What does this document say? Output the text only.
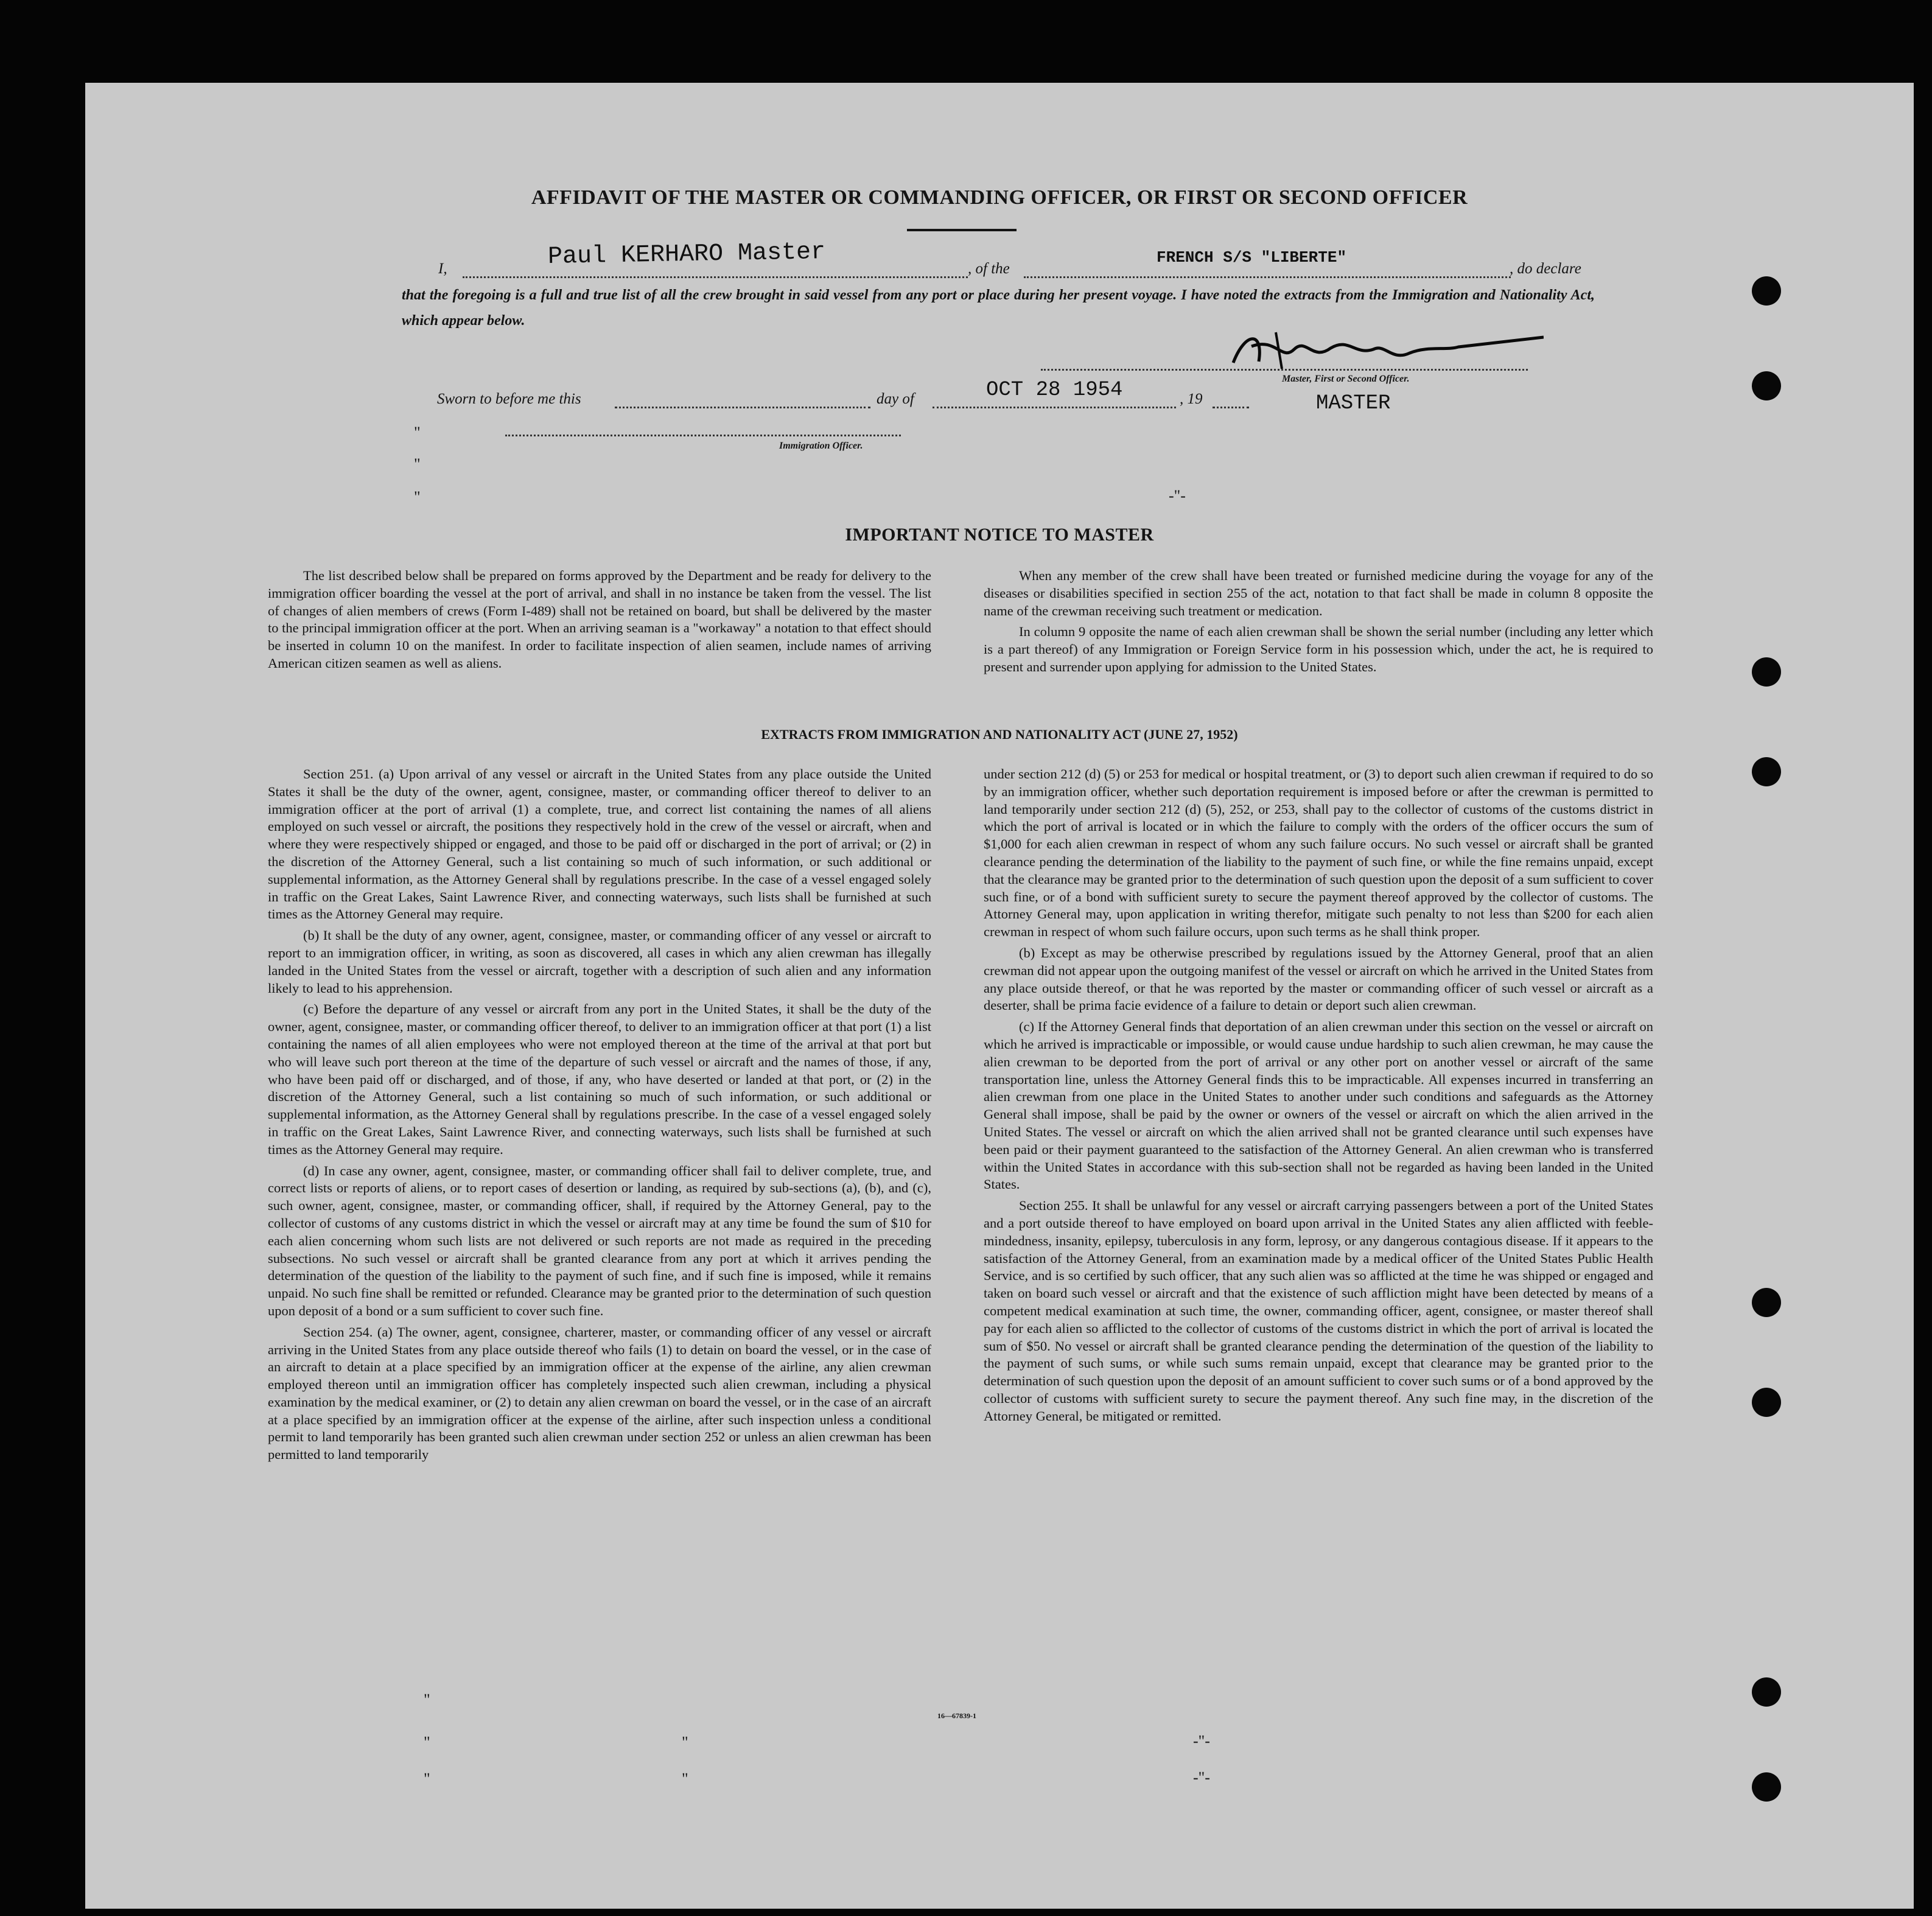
AFFIDAVIT OF THE MASTER OR COMMANDING OFFICER, OR FIRST OR SECOND OFFICER
I,	Paul KERHARO Master	, of the
FRENCH S/S "LIBERTE"
, do declare
that the foregoing is a full and true list of all the crew brought in said vessel from any port or place during her present voyage. I have noted the extracts from the Immigration and Nationality Act, which appear below.
Master, First or Second Officer.
MASTER
Sworn to before me this	day of	OCT 28 1954	, 19
"
Immigration Officer.
"
"	-"-
IMPORTANT NOTICE TO MASTER

The list described below shall be prepared on forms approved by the Department and be ready for delivery to the immigration officer boarding the vessel at the port of arrival, and shall in no instance be taken from the vessel. The list of changes of alien members of crews (Form I-489) shall not be retained on board, but shall be delivered by the master to the principal immigration officer at the port. When an arriving seaman is a "workaway" a notation to that effect should be inserted in column 10 on the manifest. In order to facilitate inspection of alien seamen, include names of arriving American citizen seamen as well as aliens.

When any member of the crew shall have been treated or furnished medicine during the voyage for any of the diseases or disabilities specified in section 255 of the act, notation to that fact shall be made in column 8 opposite the name of the crewman receiving such treatment or medication.

In column 9 opposite the name of each alien crewman shall be shown the serial number (including any letter which is a part thereof) of any Immigration or Foreign Service form in his possession which, under the act, he is required to present and surrender upon applying for admission to the United States.

EXTRACTS FROM IMMIGRATION AND NATIONALITY ACT (JUNE 27, 1952)

Section 251. (a) Upon arrival of any vessel or aircraft in the United States from any place outside the United States it shall be the duty of the owner, agent, consignee, master, or commanding officer thereof to deliver to an immigration officer at the port of arrival (1) a complete, true, and correct list containing the names of all aliens employed on such vessel or aircraft, the positions they respectively hold in the crew of the vessel or aircraft, when and where they were respectively shipped or engaged, and those to be paid off or discharged in the port of arrival; or (2) in the discretion of the Attorney General, such a list containing so much of such information, or such additional or supplemental information, as the Attorney General shall by regulations prescribe. In the case of a vessel engaged solely in traffic on the Great Lakes, Saint Lawrence River, and connecting waterways, such lists shall be furnished at such times as the Attorney General may require.

(b) It shall be the duty of any owner, agent, consignee, master, or commanding officer of any vessel or aircraft to report to an immigration officer, in writing, as soon as discovered, all cases in which any alien crewman has illegally landed in the United States from the vessel or aircraft, together with a description of such alien and any information likely to lead to his apprehension.

(c) Before the departure of any vessel or aircraft from any port in the United States, it shall be the duty of the owner, agent, consignee, master, or commanding officer thereof, to deliver to an immigration officer at that port (1) a list containing the names of all alien employees who were not employed thereon at the time of the arrival at that port but who will leave such port thereon at the time of the departure of such vessel or aircraft and the names of those, if any, who have been paid off or discharged, and of those, if any, who have deserted or landed at that port, or (2) in the discretion of the Attorney General, such a list containing so much of such information, or such additional or supplemental information, as the Attorney General shall by regulations prescribe. In the case of a vessel engaged solely in traffic on the Great Lakes, Saint Lawrence River, and connecting waterways, such lists shall be furnished at such times as the Attorney General may require.

(d) In case any owner, agent, consignee, master, or commanding officer shall fail to deliver complete, true, and correct lists or reports of aliens, or to report cases of desertion or landing, as required by sub-sections (a), (b), and (c), such owner, agent, consignee, master, or commanding officer, shall, if required by the Attorney General, pay to the collector of customs of any customs district in which the vessel or aircraft may at any time be found the sum of $10 for each alien concerning whom such lists are not delivered or such reports are not made as required in the preceding subsections. No such vessel or aircraft shall be granted clearance from any port at which it arrives pending the determination of the question of the liability to the payment of such fine, and if such fine is imposed, while it remains unpaid. No such fine shall be remitted or refunded. Clearance may be granted prior to the determination of such question upon deposit of a bond or a sum sufficient to cover such fine.

Section 254. (a) The owner, agent, consignee, charterer, master, or commanding officer of any vessel or aircraft arriving in the United States from any place outside thereof who fails (1) to detain on board the vessel, or in the case of an aircraft to detain at a place specified by an immigration officer at the expense of the airline, any alien crewman employed thereon until an immigration officer has completely inspected such alien crewman, including a physical examination by the medical examiner, or (2) to detain any alien crewman on board the vessel, or in the case of an aircraft at a place specified by an immigration officer at the expense of the airline, after such inspection unless a conditional permit to land temporarily has been granted such alien crewman under section 252 or unless an alien crewman has been permitted to land temporarily

under section 212 (d) (5) or 253 for medical or hospital treatment, or (3) to deport such alien crewman if required to do so by an immigration officer, whether such deportation requirement is imposed before or after the crewman is permitted to land temporarily under section 212 (d) (5), 252, or 253, shall pay to the collector of customs of the customs district in which the port of arrival is located or in which the failure to comply with the orders of the officer occurs the sum of $1,000 for each alien crewman in respect of whom any such failure occurs. No such vessel or aircraft shall be granted clearance pending the determination of the liability to the payment of such fine, or while the fine remains unpaid, except that the clearance may be granted prior to the determination of such question upon the deposit of a sum sufficient to cover such fine, or of a bond with sufficient surety to secure the payment thereof approved by the collector of customs. The Attorney General may, upon application in writing therefor, mitigate such penalty to not less than $200 for each alien crewman in respect of whom such failure occurs, upon such terms as he shall think proper.

(b) Except as may be otherwise prescribed by regulations issued by the Attorney General, proof that an alien crewman did not appear upon the outgoing manifest of the vessel or aircraft on which he arrived in the United States from any place outside thereof, or that he was reported by the master or commanding officer of such vessel or aircraft as a deserter, shall be prima facie evidence of a failure to detain or deport such alien crewman.

(c) If the Attorney General finds that deportation of an alien crewman under this section on the vessel or aircraft on which he arrived is impracticable or impossible, or would cause undue hardship to such alien crewman, he may cause the alien crewman to be deported from the port of arrival or any other port on another vessel or aircraft of the same transportation line, unless the Attorney General finds this to be impracticable. All expenses incurred in transferring an alien crewman from one place in the United States to another under such conditions and safeguards as the Attorney General shall impose, shall be paid by the owner or owners of the vessel or aircraft on which the alien arrived in the United States. The vessel or aircraft on which the alien arrived shall not be granted clearance until such expenses have been paid or their payment guaranteed to the satisfaction of the Attorney General. An alien crewman who is transferred within the United States in accordance with this sub-section shall not be regarded as having been landed in the United States.

Section 255. It shall be unlawful for any vessel or aircraft carrying passengers between a port of the United States and a port outside thereof to have employed on board upon arrival in the United States any alien afflicted with feeble-mindedness, insanity, epilepsy, tuberculosis in any form, leprosy, or any dangerous contagious disease. If it appears to the satisfaction of the Attorney General, from an examination made by a medical officer of the United States Public Health Service, and is so certified by such officer, that any such alien was so afflicted at the time he was shipped or engaged and taken on board such vessel or aircraft and that the existence of such affliction might have been detected by means of a competent medical examination at such time, the owner, commanding officer, agent, consignee, or master thereof shall pay for each alien so afflicted to the collector of customs of the customs district in which the port of arrival is located the sum of $50. No vessel or aircraft shall be granted clearance pending the determination of the question of the liability to the payment of such sums, or while such sums remain unpaid, except that clearance may be granted prior to the determination of such question upon the deposit of an amount sufficient to cover such sums or of a bond approved by the collector of customs with sufficient surety to secure the payment thereof. Any such fine may, in the discretion of the Attorney General, be mitigated or remitted.

"
"
"
"
"
-"-
-"-
16—67839-1
